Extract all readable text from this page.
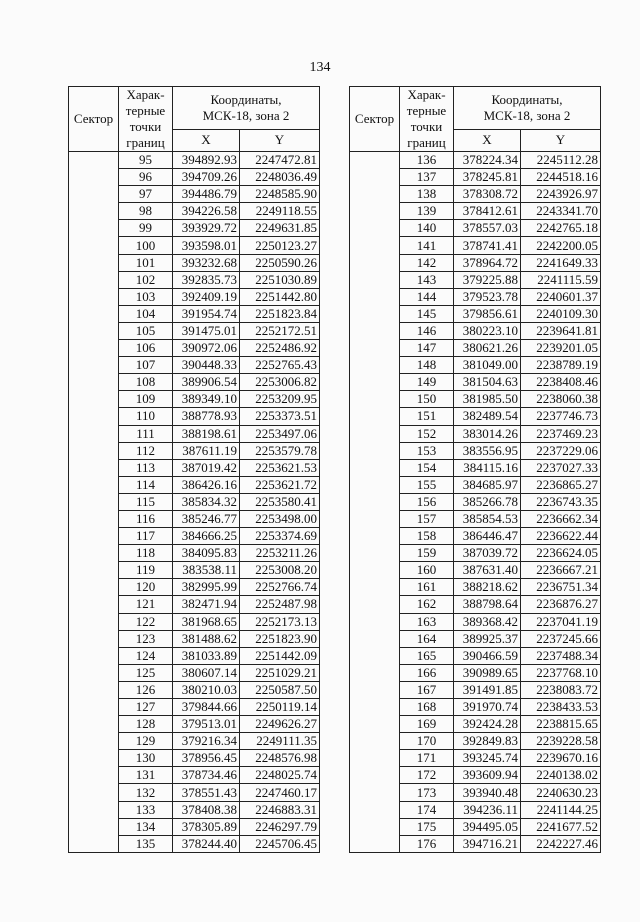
134
Сектор	Харак-
терные
точки
границ	Координаты,
МСК-18, зона 2	
		X	Y
	95	394892.93	2247472.81
	96	394709.26	2248036.49
	97	394486.79	2248585.90
	98	394226.58	2249118.55
	99	393929.72	2249631.85
	100	393598.01	2250123.27
	101	393232.68	2250590.26
	102	392835.73	2251030.89
	103	392409.19	2251442.80
	104	391954.74	2251823.84
	105	391475.01	2252172.51
	106	390972.06	2252486.92
	107	390448.33	2252765.43
	108	389906.54	2253006.82
	109	389349.10	2253209.95
	110	388778.93	2253373.51
	111	388198.61	2253497.06
	112	387611.19	2253579.78
	113	387019.42	2253621.53
	114	386426.16	2253621.72
	115	385834.32	2253580.41
	116	385246.77	2253498.00
	117	384666.25	2253374.69
	118	384095.83	2253211.26
	119	383538.11	2253008.20
	120	382995.99	2252766.74
	121	382471.94	2252487.98
	122	381968.65	2252173.13
	123	381488.62	2251823.90
	124	381033.89	2251442.09
	125	380607.14	2251029.21
	126	380210.03	2250587.50
	127	379844.66	2250119.14
	128	379513.01	2249626.27
	129	379216.34	2249111.35
	130	378956.45	2248576.98
	131	378734.46	2248025.74
	132	378551.43	2247460.17
	133	378408.38	2246883.31
	134	378305.89	2246297.79
	135	378244.40	2245706.45
Сектор	Харак-
терные
точки
границ	Координаты,
МСК-18, зона 2	
		X	Y
	136	378224.34	2245112.28
	137	378245.81	2244518.16
	138	378308.72	2243926.97
	139	378412.61	2243341.70
	140	378557.03	2242765.18
	141	378741.41	2242200.05
	142	378964.72	2241649.33
	143	379225.88	2241115.59
	144	379523.78	2240601.37
	145	379856.61	2240109.30
	146	380223.10	2239641.81
	147	380621.26	2239201.05
	148	381049.00	2238789.19
	149	381504.63	2238408.46
	150	381985.50	2238060.38
	151	382489.54	2237746.73
	152	383014.26	2237469.23
	153	383556.95	2237229.06
	154	384115.16	2237027.33
	155	384685.97	2236865.27
	156	385266.78	2236743.35
	157	385854.53	2236662.34
	158	386446.47	2236622.44
	159	387039.72	2236624.05
	160	387631.40	2236667.21
	161	388218.62	2236751.34
	162	388798.64	2236876.27
	163	389368.42	2237041.19
	164	389925.37	2237245.66
	165	390466.59	2237488.34
	166	390989.65	2237768.10
	167	391491.85	2238083.72
	168	391970.74	2238433.53
	169	392424.28	2238815.65
	170	392849.83	2239228.58
	171	393245.74	2239670.16
	172	393609.94	2240138.02
	173	393940.48	2240630.23
	174	394236.11	2241144.25
	175	394495.05	2241677.52
	176	394716.21	2242227.46
